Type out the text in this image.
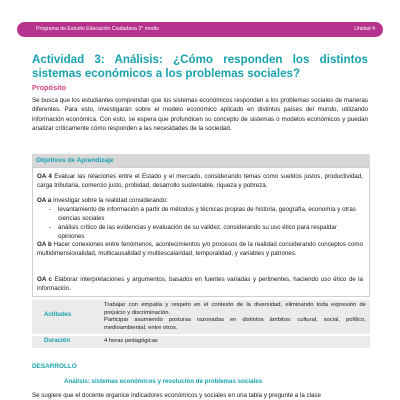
Programa de Estudio Educación Ciudadana 3° medio	Unidad 4
Actividad 3: Análisis: ¿Cómo responden los distintos sistemas económicos a los problemas sociales?
Propósito

Se busca que los estudiantes comprendan que los sistemas económicos responden a los problemas sociales de maneras diferentes. Para esto, investigarán sobre el modelo económico aplicado en distintos países del mundo, utilizando información económica. Con esto, se espera que profundicen su concepto de sistemas o modelos económicos y puedan analizar críticamente cómo responden a las necesidades de la sociedad.

Objetivos de Aprendizaje

OA 4 Evaluar las relaciones entre el Estado y el mercado, considerando temas como sueldos justos, productividad, carga tributaria, comercio justo, probidad, desarrollo sustentable, riqueza y pobreza.

OA a Investigar sobre la realidad considerando:

- levantamiento de información a partir de métodos y técnicas propias de historia, geografía, economía y otras ciencias sociales
- análisis crítico de las evidencias y evaluación de su validez, considerando su uso ético para respaldar opiniones

OA b Hacer conexiones entre fenómenos, acontecimientos y/o procesos de la realidad considerando conceptos como multidimensionalidad, multicausalidad y multiescalaridad, temporalidad, y variables y patrones.

OA c Elaborar interpretaciones y argumentos, basados en fuentes variadas y pertinentes, haciendo uso ético de la información.

Actitudes
Trabajar con empatía y respeto en el contexto de la diversidad, eliminando toda expresión de prejuicio y discriminación.
Participar asumiendo posturas razonadas en distintos ámbitos: cultural, social, político, medioambiental, entre otros.
Duración	4 horas pedagógicas
DESARROLLO
Análisis: sistemas económicos y resolución de problemas sociales

Se sugiere que el docente organice indicadores económicos y sociales en una tabla y pregunte a la clase
